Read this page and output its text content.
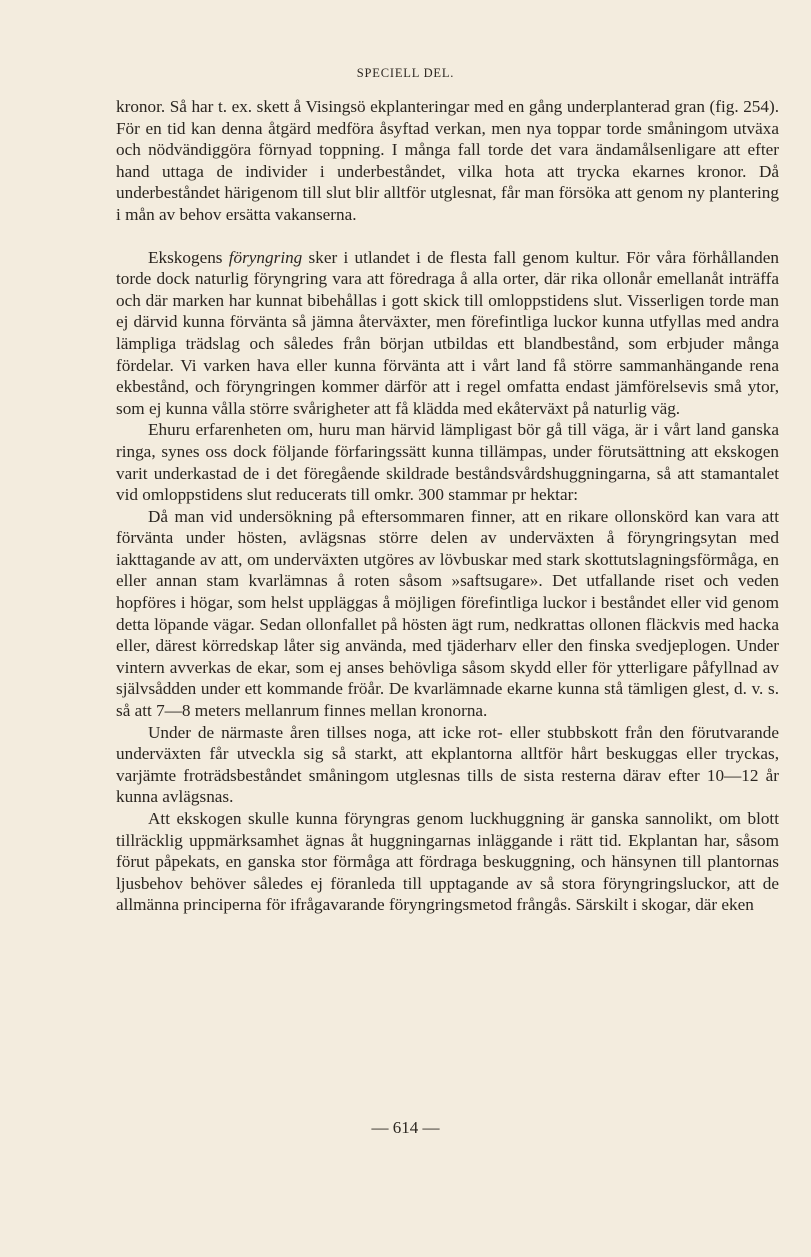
SPECIELL DEL.

kronor. Så har t. ex. skett å Visingsö ekplanteringar med en gång underplanterad gran (fig. 254). För en tid kan denna åtgärd medföra åsyftad verkan, men nya toppar torde småningom utväxa och nödvändiggöra förnyad toppning. I många fall torde det vara ändamålsenligare att efter hand uttaga de individer i underbeståndet, vilka hota att trycka ekarnes kronor. Då underbeståndet härigenom till slut blir alltför utglesnat, får man försöka att genom ny plantering i mån av behov ersätta vakanserna.

Ekskogens föryngring sker i utlandet i de flesta fall genom kultur. För våra förhållanden torde dock naturlig föryngring vara att föredraga å alla orter, där rika ollonår emellanåt inträffa och där marken har kunnat bibehållas i gott skick till omloppstidens slut. Visserligen torde man ej därvid kunna förvänta så jämna återväxter, men förefintliga luckor kunna utfyllas med andra lämpliga trädslag och således från början utbildas ett blandbestånd, som erbjuder många fördelar. Vi varken hava eller kunna förvänta att i vårt land få större sammanhängande rena ekbestånd, och föryngringen kommer därför att i regel omfatta endast jämförelsevis små ytor, som ej kunna vålla större svårigheter att få klädda med ekåterväxt på naturlig väg.

Ehuru erfarenheten om, huru man härvid lämpligast bör gå till väga, är i vårt land ganska ringa, synes oss dock följande förfaringssätt kunna tillämpas, under förutsättning att ekskogen varit underkastad de i det föregående skildrade beståndsvårdshuggningarna, så att stamantalet vid omloppstidens slut reducerats till omkr. 300 stammar pr hektar:

Då man vid undersökning på eftersommaren finner, att en rikare ollonskörd kan vara att förvänta under hösten, avlägsnas större delen av underväxten å föryngringsytan med iakttagande av att, om underväxten utgöres av lövbuskar med stark skottutslagningsförmåga, en eller annan stam kvarlämnas å roten såsom »saftsugare». Det utfallande riset och veden hopföres i högar, som helst uppläggas å möjligen förefintliga luckor i beståndet eller vid genom detta löpande vägar. Sedan ollonfallet på hösten ägt rum, nedkrattas ollonen fläckvis med hacka eller, därest körredskap låter sig använda, med tjäderharv eller den finska svedjeplogen. Under vintern avverkas de ekar, som ej anses behövliga såsom skydd eller för ytterligare påfyllnad av självsådden under ett kommande fröår. De kvarlämnade ekarne kunna stå tämligen glest, d. v. s. så att 7—8 meters mellanrum finnes mellan kronorna.

Under de närmaste åren tillses noga, att icke rot- eller stubbskott från den förutvarande underväxten får utveckla sig så starkt, att ekplantorna alltför hårt beskuggas eller tryckas, varjämte froträdsbeståndet småningom utglesnas tills de sista resterna därav efter 10—12 år kunna avlägsnas.

Att ekskogen skulle kunna föryngras genom luckhuggning är ganska sannolikt, om blott tillräcklig uppmärksamhet ägnas åt huggningarnas inläggande i rätt tid. Ekplantan har, såsom förut påpekats, en ganska stor förmåga att fördraga beskuggning, och hänsynen till plantornas ljusbehov behöver således ej föranleda till upptagande av så stora föryngringsluckor, att de allmänna principerna för ifrågavarande föryngringsmetod frångås. Särskilt i skogar, där eken

— 614 —
